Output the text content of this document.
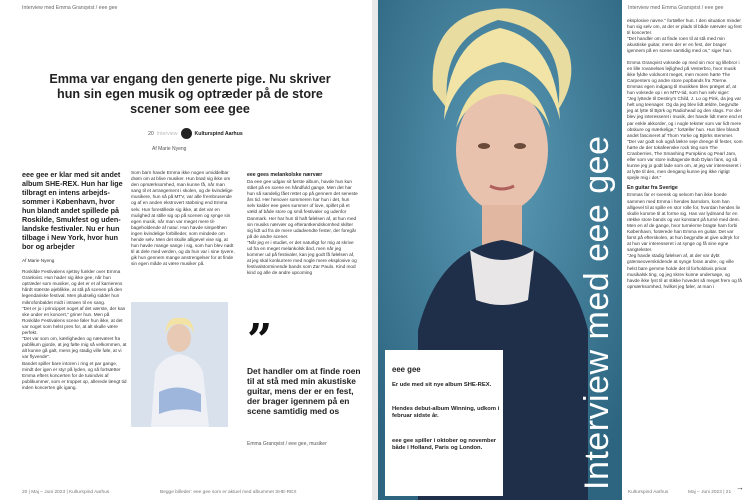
Interview med Emma Granqvist / eee gee
Emma var engang den generte pige. Nu skriver hun sin egen musik og optræder på de store scener som eee gee
20 Interview	Kulturspind Aarhus
Af Marie Nyeng
eee gee er klar med sit andet album SHE-REX. Hun har lige tilbragt en intens arbejdssommer i København, hvor hun blandt andet spillede på Roskilde, Smukfest og udenlandske festivaler. Nu er hun tilbage i New York, hvor hun bor og arbejder
Af Marie Nyeng
Roskilde Festivalens sjettsy funkler over Emma Grankvist. Hun hader sig ikke gee, når hun optræder som musiker, og det er et af karrierens hårdt stærste øjeblikke, at stå på scenen på den legendariske festival. Men pludselig sidder hun mikrofonbaldet midt i intrøen til en sang.
"Det er jo i princippet noget af det værste, der kan ske under en koncert," griner hun. Men på Roskilde Festivalens scene føler hun ikke, at det var noget som helst pres for, at alt skulle være perfekt.
"Det var som om, kærligheden og nærværet fra publikum gjorde, at jeg følte mig så velkommen, at alt kunne gå galt, mens jeg stadig ville føle, at vi var flyvende".
Bandet spiller bare intoren i ring et par gange, mindt der igen er styr på lyden, og så fortsætter Emma efters koncerten for de tusindvis af publikummer, som er troppet op, allerede længt tid inden koncerten gik igang.
Som barn havde Emma ikke nogen umiddelbar drøm om at blive musiker. Hun brød sig ikke om den opmærksomhed, man kunne få, når man sang til et arrangement i skolen, og de kvindelige musikere, hun så på MTV, var alle frembrusende og af en anden ekstrovert støbning end Emma selv. Hun forestillede sig ikke, at det var en mulighed at stille sig op på scenen og synge sin egen musik, når man var meget mere tilbageholdende af natur. Hun havde simpelthen ingen kvindelige forbilleder, som mindede om hende selv. Men det skulle alligevel vise sig, at hun havde mange sange i sig, som hun blev nødt til at dele med verden, og da hun var i sine tyvere, gik hun gennem mange anstrengelser for at finde sin egen måde at være musiker på.
eee gees melankolske nærvær
Da eee gee udgav sit første album, havde hun kun stået på en scene en håndfuld gange. Men det har hun så sandelig fået rettet op på gennem det seneste års tid. Her henover sommeren har hun i det, hun selv kalder eee gees summer of love, spillet på et væld af både store og små festivaler og udenfor Danmark. Her har hun til haft følelsen af, at hun med sin musiks nærvær og efterantkendskomhed skilter sig lidt ud fra de mere udadvendte fester, der foregår på de andre scener.
"Når jeg er i studiet, er det naturligt for mig at skrive ud fra en meget melankolsk ånd, men når jeg kommer ud på festivaler, kan jeg godt få følelsen af, at jeg skal konkurrere med nogle mere eksplosive og festivalstorminende bands som Zar Paulo. Kind mod kind og alle de andre upcoming
”
Det handler om at finde roen til at stå med min akustiske guitar, mens der er en fest, der brager igennem på en scene samtidig med os
Emma Granqvist / eee gee, musiker
20 | Maj – Juni 2023 | Kulturspind Aarhus	Begge billeder: eee gee som er aktuel med albummet SHE-REX
Interview med eee gee
eee gee
Er ude med sit nye album SHE-REX.
Hendes debut-album Winning, udkom i februar sidste år.
eee gee spiller i oktober og november både i Holland, Paris og London.
Interview med Emma Granqvist / eee gee
eksplosive navne." fortæller hun. I den situation minder hun sig selv om, at der er plads til både nærvær og fest til koncerter.
"Det handler om at finde roen til at stå med min akustiske guitar, mens der er en fest, der brager igennem på en scene samtidig med os," siger hun.
Emma Granqvist voksede op med sin mor og lillebror i en lille rovanelses lejlighed på Vesterbro, hvor musik ikke fyldte voldsomt meget, men moren hørte The Carpenters og andre store popbands fra 70erne. Emmas egen indgang til musikken blev præget af, at hun voksede op i en MTV-tid, som hun selv siger:
"Jeg lyttede til Destiny's Child, J. Lo og Pink, da jeg var helt ung teenager. Og da jeg blev lidt ældre, begyndte jeg at lytte til Björk og Radiohead og den slags. For der blev jeg interesseret i musik, der havde lidt mere end et par enkle akkorder, og i nogle tekster som var lidt mere obskure og mærkelige," fortæller hun. Hun blev blandt andet fascineret af Thom Yorke og Björks stemmer.
"Der var godt nok også lækre seje drenge til fester, som hørte de der tokafeenske rock ting som The Cranberries, The Smashing Pumpkins og Pearl Jam, eller som var store indtagende Bob Dylan fans, og så kunne jeg jo godt lade som om, at jeg var interesseret i at lytte til des, men dengang kunne jeg ikke rigtigt spejle mig i det."
En guitar fra Sverige
Emmas far er svensk og selvom han ikke boede sammen med Emma i hendes barndom, kom han alligevel til at spille en stor rolle for, hvordan hendes liv skulle komme til at forme sig. Han var lydmand for en række store bands og var konstant på turné med dem. Men en af de gange, hvor turnéerne bragte ham forbi København, forærede han Emma en guitar. Det var først på efterskolen, at hun begyndte at give udtryk for at hun var interesseret i at synge og få sine egne sangtekster.
"Jeg havde stadig følelsen af, at der var dybt grænseoverskridende at synge foran andre, og ville helst bare gemme holde det til forholdsvis privat musikalsk ting, og jeg skrev kunne undersøge, og havde ikke lyst til at stikke hovedet så meget frem og få opmærksomhed, hvilket jeg føler, at man i
Kulturspind Aarhus	Maj – Juni 2023 | 21
→
